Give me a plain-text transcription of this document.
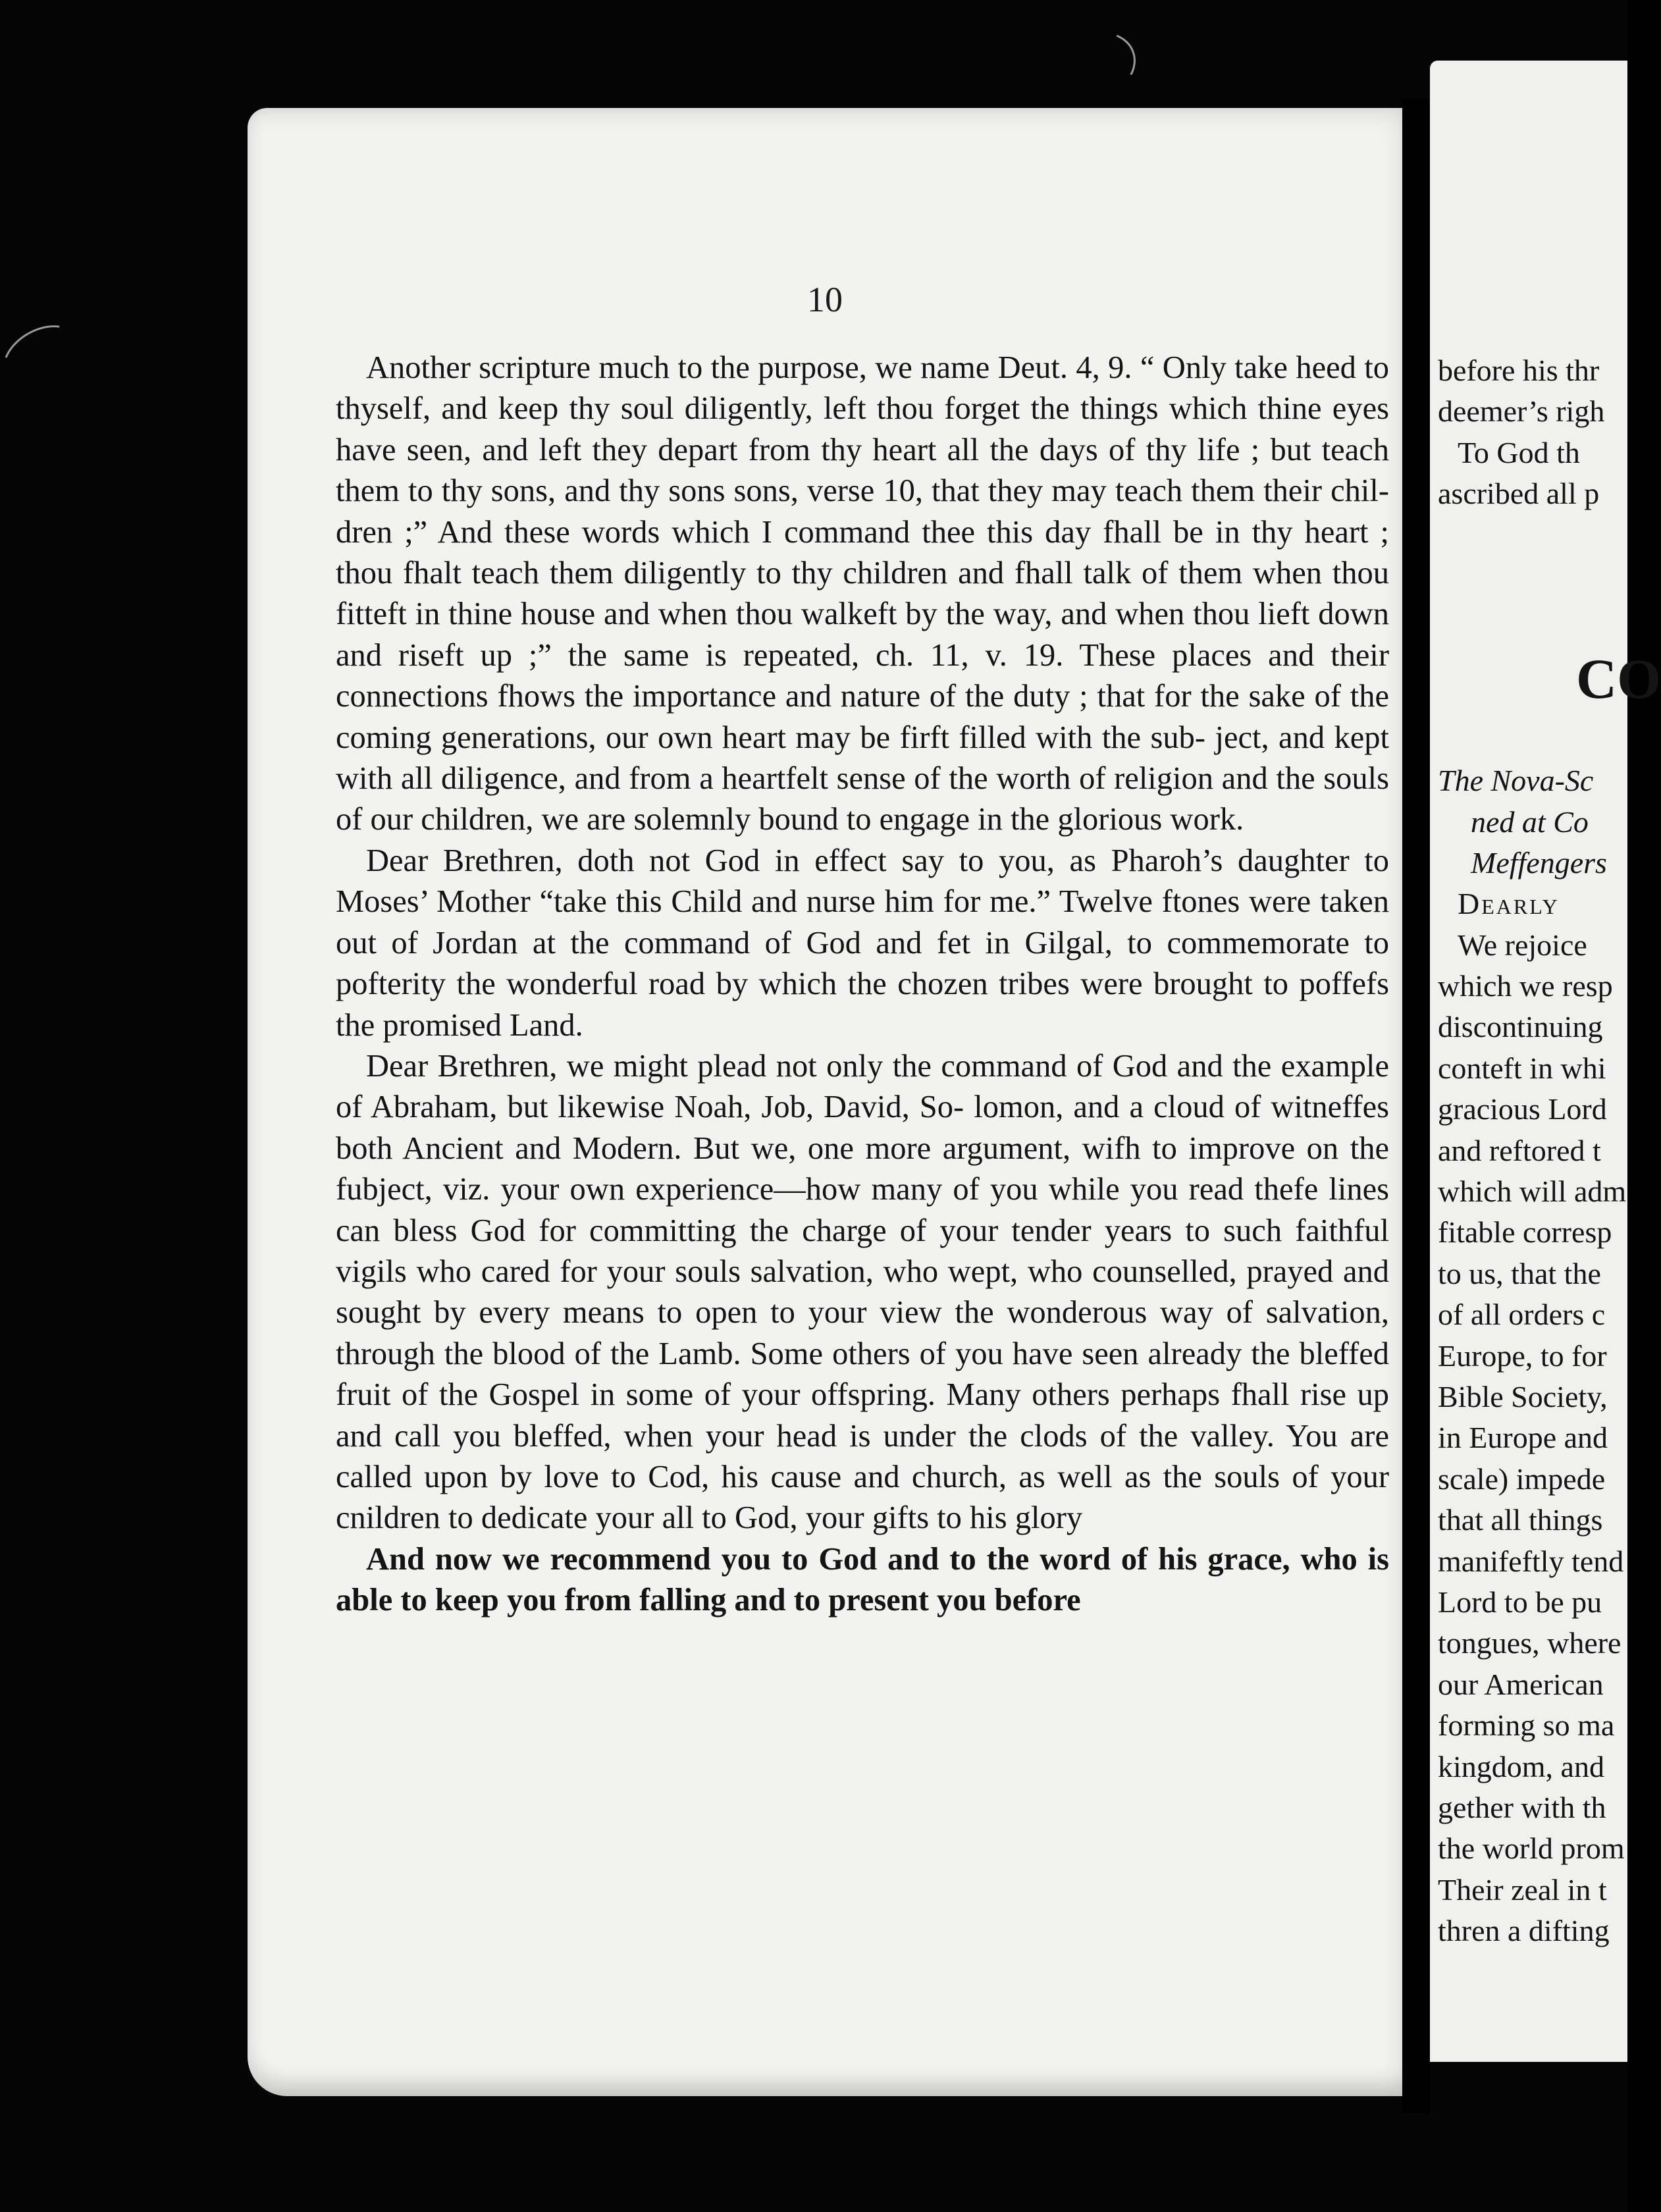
10

Another scripture much to the purpose, we name Deut. 4, 9. “ Only take heed to thyself, and keep thy soul diligently, left thou forget the things which thine eyes have seen, and left they depart from thy heart all the days of thy life ; but teach them to thy sons, and thy sons sons, verse 10, that they may teach them their chil- dren ;” And these words which I command thee this day fhall be in thy heart ; thou fhalt teach them diligently to thy children and fhall talk of them when thou fitteft in thine house and when thou walkeft by the way, and when thou lieft down and riseft up ;” the same is repeated, ch. 11, v. 19. These places and their connections fhows the importance and nature of the duty ; that for the sake of the coming generations, our own heart may be firft filled with the sub- ject, and kept with all diligence, and from a heartfelt sense of the worth of religion and the souls of our children, we are solemnly bound to engage in the glorious work.

Dear Brethren, doth not God in effect say to you, as Pharoh’s daughter to Moses’ Mother “take this Child and nurse him for me.” Twelve ftones were taken out of Jordan at the command of God and fet in Gilgal, to commemorate to pofterity the wonderful road by which the chozen tribes were brought to poffefs the promised Land.

Dear Brethren, we might plead not only the command of God and the example of Abraham, but likewise Noah, Job, David, So- lomon, and a cloud of witneffes both Ancient and Modern. But we, one more argument, wifh to improve on the fubject, viz. your own experience—how many of you while you read thefe lines can bless God for committing the charge of your tender years to such faithful vigils who cared for your souls salvation, who wept, who counselled, prayed and sought by every means to open to your view the wonderous way of salvation, through the blood of the Lamb. Some others of you have seen already the bleffed fruit of the Gospel in some of your offspring. Many others perhaps fhall rise up and call you bleffed, when your head is under the clods of the valley. You are called upon by love to Cod, his cause and church, as well as the souls of your cnildren to dedicate your all to God, your gifts to his glory

And now we recommend you to God and to the word of his grace, who is able to keep you from falling and to present you before

before his thr
deemer’s righ
To God th
ascribed all p
CO
The Nova-Sc
ned at Co
Meffengers
Dearly
We rejoice
which we resp
discontinuing
conteft in whi
gracious Lord
and reftored t
which will adm
fitable corresp
to us, that the
of all orders c
Europe, to for
Bible Society,
in Europe and
scale) impede
that all things
manifeftly tend
Lord to be pu
tongues, where
our American
forming so ma
kingdom, and
gether with th
the world prom
Their zeal in t
thren a difting
